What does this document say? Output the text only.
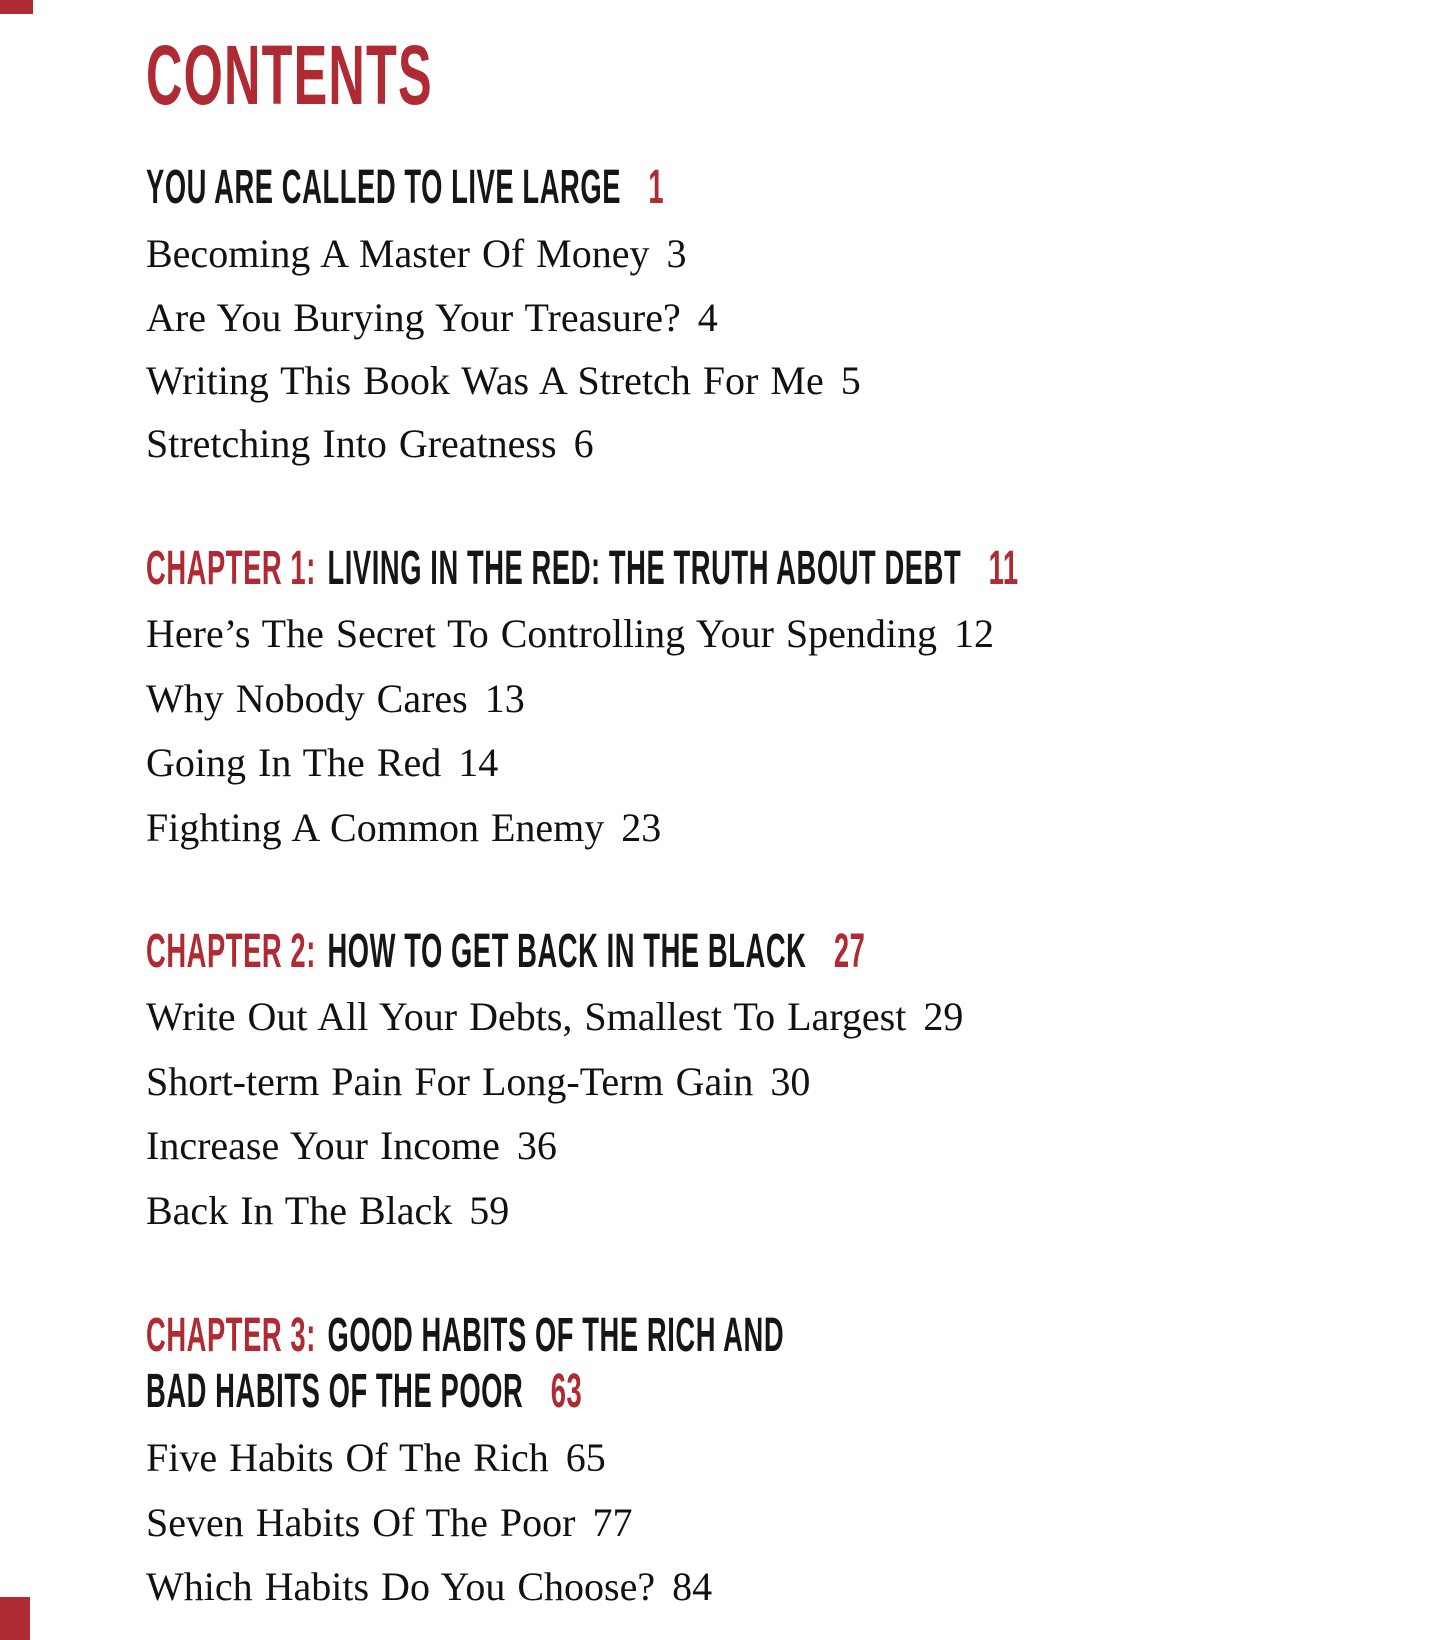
CONTENTS
YOU ARE CALLED TO LIVE LARGE 1
Becoming A Master Of Money 3
Are You Burying Your Treasure? 4
Writing This Book Was A Stretch For Me 5
Stretching Into Greatness 6
CHAPTER 1: LIVING IN THE RED: THE TRUTH ABOUT DEBT 11
Here’s The Secret To Controlling Your Spending 12
Why Nobody Cares 13
Going In The Red 14
Fighting A Common Enemy 23
CHAPTER 2: HOW TO GET BACK IN THE BLACK 27
Write Out All Your Debts, Smallest To Largest 29
Short-term Pain For Long-Term Gain 30
Increase Your Income 36
Back In The Black 59
CHAPTER 3: GOOD HABITS OF THE RICH AND
BAD HABITS OF THE POOR 63
Five Habits Of The Rich 65
Seven Habits Of The Poor 77
Which Habits Do You Choose? 84
